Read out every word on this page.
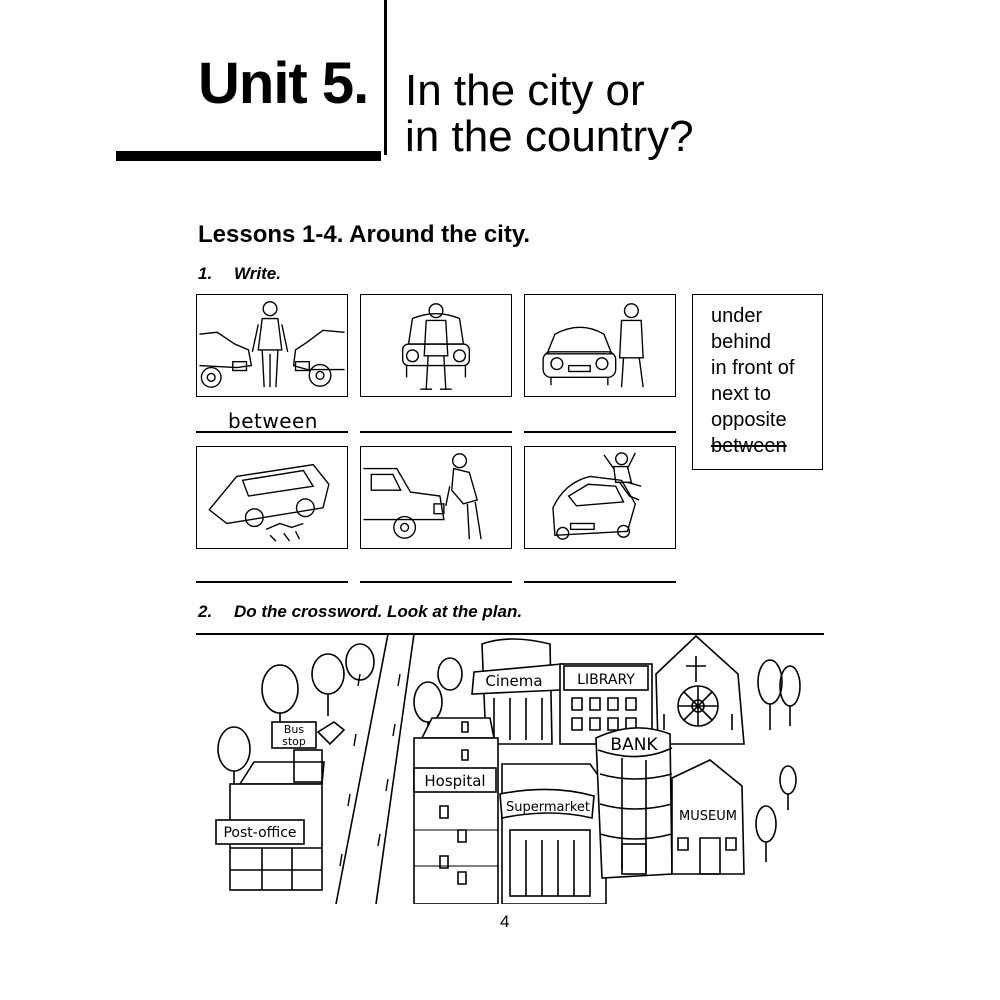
Unit 5. In the city or
in the country?
Lessons 1-4. Around the city.
1. Write.
between
under
behind
in front of
next to
opposite
between
2. Do the crossword. Look at the plan.
Bus
stop
Post-office
Cinema LIBRARY
Hospital
Supermarket
BANK
MUSEUM
4
